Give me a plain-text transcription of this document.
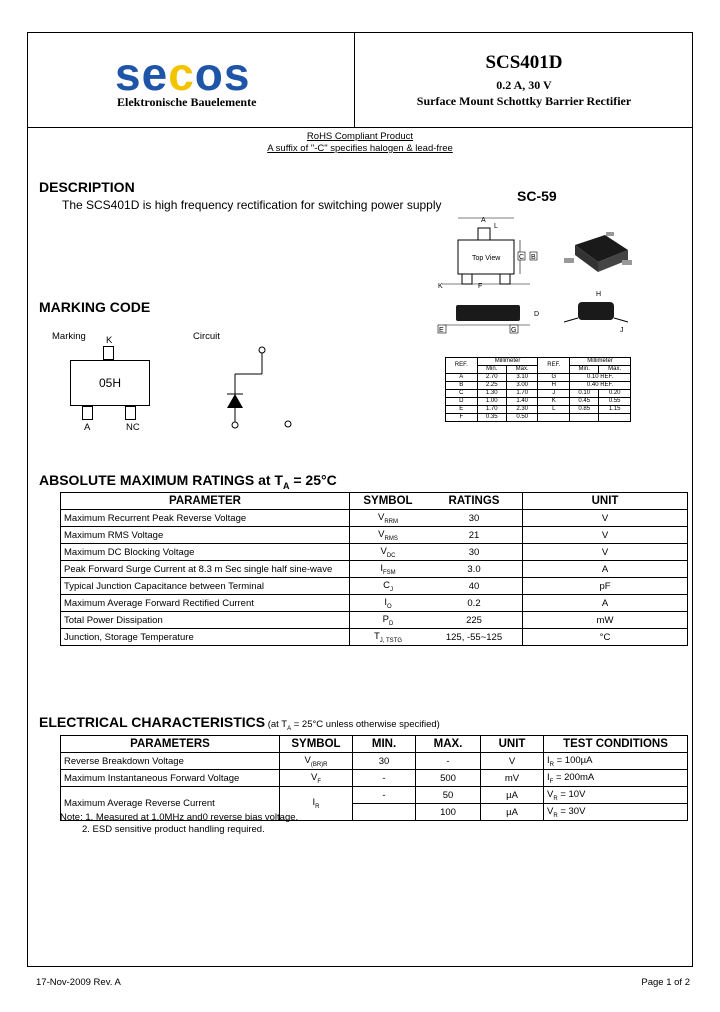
secos
Elektronische Bauelemente
SCS401D
0.2 A, 30 V
Surface Mount Schottky Barrier Rectifier
RoHS Compliant Product
A suffix of "-C" specifies halogen & lead-free
DESCRIPTION
The SCS401D is high frequency rectification for switching power supply
SC-59
Top View
A
C B
K	F
L
E	G
D
J
H
REF.	Millimeter		REF.	Millimeter	
	Min.	Max.		Min.	Max.
A	2.70	3.10	G	0.10 REF.	
B	2.25	3.00	H	0.40 REF.	
C	1.30	1.70	J	0.10	0.20
D	1.00	1.40	K	0.45	0.55
E	1.70	2.30	L	0.85	1.15
F	0.35	0.50			
MARKING CODE
Marking	Circuit
K
05H
A	NC
ABSOLUTE MAXIMUM RATINGS at $T_A = 25^\circ C$
PARAMETER	SYMBOL	RATINGS	UNIT
Maximum Recurrent Peak Reverse Voltage	$V_{RRM}$	30	V
Maximum RMS Voltage	$V_{RMS}$	21	V
Maximum DC Blocking Voltage	$V_{DC}$	30	V
Peak Forward Surge Current at 8.3 m Sec single half sine-wave	$I_{FSM}$	3.0	A
Typical Junction Capacitance between Terminal	$C_J$	40	pF
Maximum Average Forward Rectified Current	$I_O$	0.2	A
Total Power Dissipation	$P_D$	225	mW
Junction, Storage Temperature	$T_{J, TSTG}$	125, -55~125	°C
ELECTRICAL CHARACTERISTICS (at $T_A = 25^\circ C$ unless otherwise specified)
PARAMETERS	SYMBOL	MIN.	MAX.	UNIT	TEST CONDITIONS
Reverse Breakdown Voltage	$V_{(BR)R}$	30	-	V	$I_R = 100\mu A$
Maximum Instantaneous Forward Voltage	$V_F$	-	500	mV	$I_F = 200mA$
Maximum Average Reverse Current	$I_R$	-	50	µA	$V_R = 10V$
			100	µA	$V_R = 30V$
Note: 1. Measured at 1.0MHz and0 reverse bias voltage.
2. ESD sensitive product handling required.
17-Nov-2009 Rev. A	Page 1 of 2
